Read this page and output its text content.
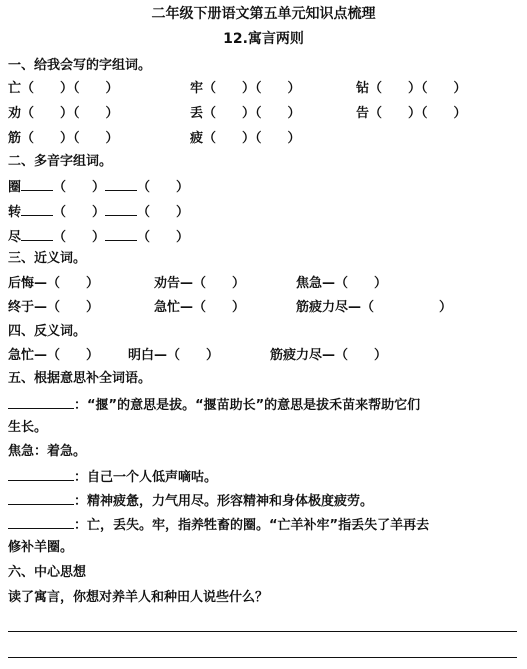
二年级下册语文第五单元知识点梳理
12.寓言两则
一、给我会写的字组词。
亡（　　）（　　）	牢（　　）（　　）	钻（　　）（　　）
劝（　　）（　　）	丢（　　）（　　）	告（　　）（　　）
筋（　　）（　　）	疲（　　）（　　）
二、多音字组词。
圈 （　　） （　　）
转 （　　） （　　）
尽 （　　） （　　）
三、近义词。
后悔—（　　）	劝告—（　　）	焦急—（　　）
终于—（　　）	急忙—（　　）	筋疲力尽—（　　　　　）
四、反义词。
急忙—（　　） 明白—（　　）	筋疲力尽—（　　）
五、根据意思补全词语。
：“揠”的意思是拔。“揠苗助长”的意思是拔禾苗来帮助它们
生长。
焦急：着急。
：自己一个人低声嘀咕。
：精神疲惫，力气用尽。形容精神和身体极度疲劳。
：亡，丢失。牢，指养牲畜的圈。“亡羊补牢”指丢失了羊再去
修补羊圈。
六、中心思想
读了寓言，你想对养羊人和种田人说些什么？
